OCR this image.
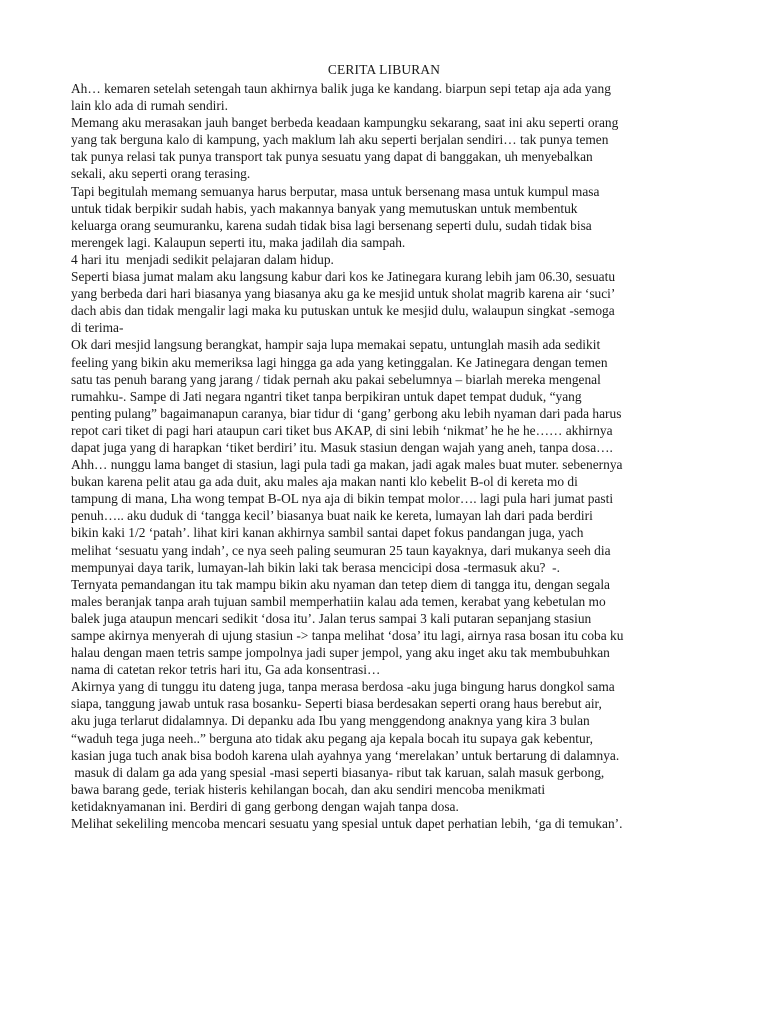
CERITA LIBURAN
Ah… kemaren setelah setengah taun akhirnya balik juga ke kandang. biarpun sepi tetap aja ada yang
lain klo ada di rumah sendiri.
Memang aku merasakan jauh banget berbeda keadaan kampungku sekarang, saat ini aku seperti orang
yang tak berguna kalo di kampung, yach maklum lah aku seperti berjalan sendiri… tak punya temen
tak punya relasi tak punya transport tak punya sesuatu yang dapat di banggakan, uh menyebalkan
sekali, aku seperti orang terasing.
Tapi begitulah memang semuanya harus berputar, masa untuk bersenang masa untuk kumpul masa
untuk tidak berpikir sudah habis, yach makannya banyak yang memutuskan untuk membentuk
keluarga orang seumuranku, karena sudah tidak bisa lagi bersenang seperti dulu, sudah tidak bisa
merengek lagi. Kalaupun seperti itu, maka jadilah dia sampah.
4 hari itu  menjadi sedikit pelajaran dalam hidup.
Seperti biasa jumat malam aku langsung kabur dari kos ke Jatinegara kurang lebih jam 06.30, sesuatu
yang berbeda dari hari biasanya yang biasanya aku ga ke mesjid untuk sholat magrib karena air ‘suci’
dach abis dan tidak mengalir lagi maka ku putuskan untuk ke mesjid dulu, walaupun singkat -semoga
di terima-
Ok dari mesjid langsung berangkat, hampir saja lupa memakai sepatu, untunglah masih ada sedikit
feeling yang bikin aku memeriksa lagi hingga ga ada yang ketinggalan. Ke Jatinegara dengan temen
satu tas penuh barang yang jarang / tidak pernah aku pakai sebelumnya – biarlah mereka mengenal
rumahku-. Sampe di Jati negara ngantri tiket tanpa berpikiran untuk dapet tempat duduk, “yang
penting pulang” bagaimanapun caranya, biar tidur di ‘gang’ gerbong aku lebih nyaman dari pada harus
repot cari tiket di pagi hari ataupun cari tiket bus AKAP, di sini lebih ‘nikmat’ he he he…… akhirnya
dapat juga yang di harapkan ‘tiket berdiri’ itu. Masuk stasiun dengan wajah yang aneh, tanpa dosa….
Ahh… nunggu lama banget di stasiun, lagi pula tadi ga makan, jadi agak males buat muter. sebenernya
bukan karena pelit atau ga ada duit, aku males aja makan nanti klo kebelit B-ol di kereta mo di
tampung di mana, Lha wong tempat B-OL nya aja di bikin tempat molor…. lagi pula hari jumat pasti
penuh….. aku duduk di ‘tangga kecil’ biasanya buat naik ke kereta, lumayan lah dari pada berdiri
bikin kaki 1/2 ‘patah’. lihat kiri kanan akhirnya sambil santai dapet fokus pandangan juga, yach
melihat ‘sesuatu yang indah’, ce nya seeh paling seumuran 25 taun kayaknya, dari mukanya seeh dia
mempunyai daya tarik, lumayan-lah bikin laki tak berasa mencicipi dosa -termasuk aku?  -.
Ternyata pemandangan itu tak mampu bikin aku nyaman dan tetep diem di tangga itu, dengan segala
males beranjak tanpa arah tujuan sambil memperhatiin kalau ada temen, kerabat yang kebetulan mo
balek juga ataupun mencari sedikit ‘dosa itu’. Jalan terus sampai 3 kali putaran sepanjang stasiun
sampe akirnya menyerah di ujung stasiun -> tanpa melihat ‘dosa’ itu lagi, airnya rasa bosan itu coba ku
halau dengan maen tetris sampe jompolnya jadi super jempol, yang aku inget aku tak membubuhkan
nama di catetan rekor tetris hari itu, Ga ada konsentrasi…
Akirnya yang di tunggu itu dateng juga, tanpa merasa berdosa -aku juga bingung harus dongkol sama
siapa, tanggung jawab untuk rasa bosanku- Seperti biasa berdesakan seperti orang haus berebut air,
aku juga terlarut didalamnya. Di depanku ada Ibu yang menggendong anaknya yang kira 3 bulan
“waduh tega juga neeh..” berguna ato tidak aku pegang aja kepala bocah itu supaya gak kebentur,
kasian juga tuch anak bisa bodoh karena ulah ayahnya yang ‘merelakan’ untuk bertarung di dalamnya.
masuk di dalam ga ada yang spesial -masi seperti biasanya- ribut tak karuan, salah masuk gerbong,
bawa barang gede, teriak histeris kehilangan bocah, dan aku sendiri mencoba menikmati
ketidaknyamanan ini. Berdiri di gang gerbong dengan wajah tanpa dosa.
Melihat sekeliling mencoba mencari sesuatu yang spesial untuk dapet perhatian lebih, ‘ga di temukan’.
